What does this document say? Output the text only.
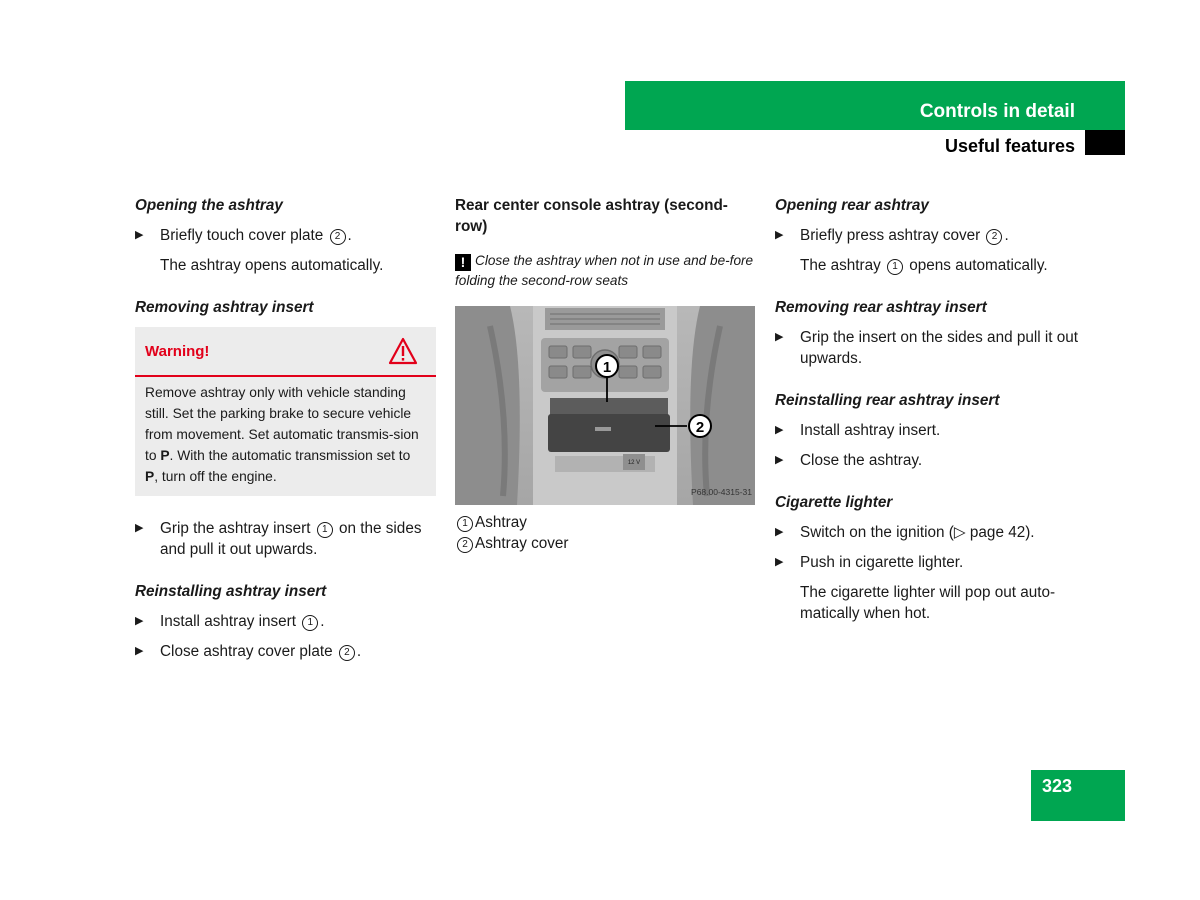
Controls in detail
Useful features
Opening the ashtray
▶	Briefly touch cover plate 2 .
The ashtray opens automatically.
Removing ashtray insert
Warning!
Remove ashtray only with vehicle standing still. Set the parking brake to secure vehicle from movement. Set automatic transmis-sion to P. With the automatic transmission set to P, turn off the engine.
▶	Grip the ashtray insert 1 on the sides and pull it out upwards.
Reinstalling ashtray insert
▶	Install ashtray insert 1 .
▶	Close ashtray cover plate 2 .
Rear center console ashtray (second-row)
! Close the ashtray when not in use and be-fore folding the second-row seats
12 V
1
2
P68.00-4315-31
1 Ashtray
2 Ashtray cover
Opening rear ashtray
▶	Briefly press ashtray cover 2 .
The ashtray 1 opens automatically.
Removing rear ashtray insert
▶	Grip the insert on the sides and pull it out upwards.
Reinstalling rear ashtray insert
▶	Install ashtray insert.
▶	Close the ashtray.
Cigarette lighter
▶	Switch on the ignition (▷ page 42).
▶	Push in cigarette lighter.
The cigarette lighter will pop out auto-matically when hot.
323
